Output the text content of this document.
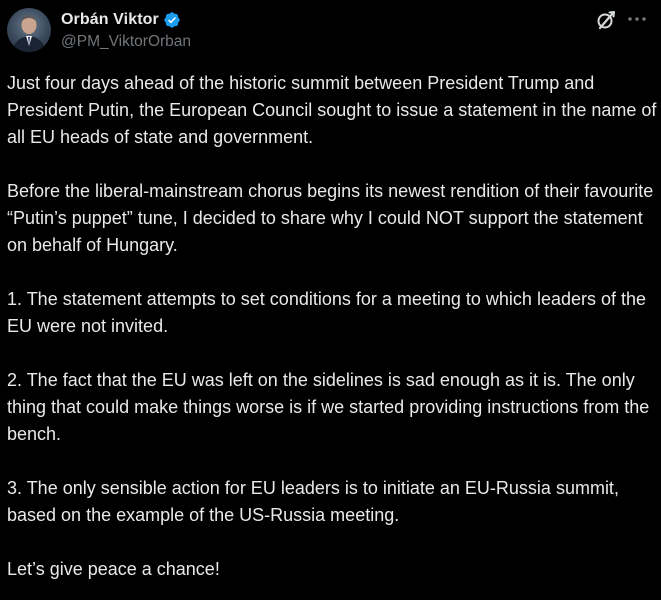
Orbán Viktor
@PM_ViktorOrban

Just four days ahead of the historic summit between President Trump and President Putin, the European Council sought to issue a statement in the name of all EU heads of state and government.

Before the liberal-mainstream chorus begins its newest rendition of their favourite “Putin’s puppet” tune, I decided to share why I could NOT support the statement on behalf of Hungary.

1. The statement attempts to set conditions for a meeting to which leaders of the EU were not invited.

2. The fact that the EU was left on the sidelines is sad enough as it is. The only thing that could make things worse is if we started providing instructions from the bench.

3. The only sensible action for EU leaders is to initiate an EU-Russia summit, based on the example of the US-Russia meeting.

Let’s give peace a chance!
